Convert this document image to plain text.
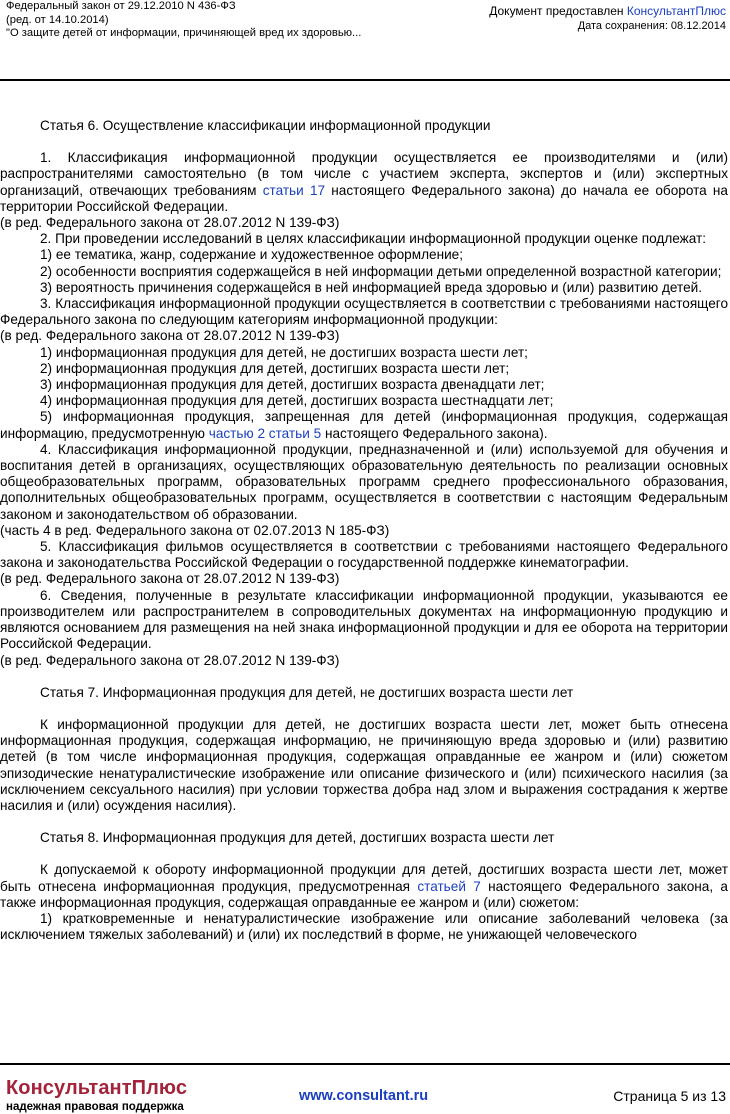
Федеральный закон от 29.12.2010 N 436-ФЗ
(ред. от 14.10.2014)
"О защите детей от информации, причиняющей вред их здоровью...
Документ предоставлен КонсультантПлюс
Дата сохранения: 08.12.2014

Статья 6. Осуществление классификации информационной продукции

1. Классификация информационной продукции осуществляется ее производителями и (или) распространителями самостоятельно (в том числе с участием эксперта, экспертов и (или) экспертных организаций, отвечающих требованиям статьи 17 настоящего Федерального закона) до начала ее оборота на территории Российской Федерации.

(в ред. Федерального закона от 28.07.2012 N 139-ФЗ)

2. При проведении исследований в целях классификации информационной продукции оценке подлежат:

1) ее тематика, жанр, содержание и художественное оформление;

2) особенности восприятия содержащейся в ней информации детьми определенной возрастной категории;

3) вероятность причинения содержащейся в ней информацией вреда здоровью и (или) развитию детей.

3. Классификация информационной продукции осуществляется в соответствии с требованиями настоящего Федерального закона по следующим категориям информационной продукции:

(в ред. Федерального закона от 28.07.2012 N 139-ФЗ)

1) информационная продукция для детей, не достигших возраста шести лет;

2) информационная продукция для детей, достигших возраста шести лет;

3) информационная продукция для детей, достигших возраста двенадцати лет;

4) информационная продукция для детей, достигших возраста шестнадцати лет;

5) информационная продукция, запрещенная для детей (информационная продукция, содержащая информацию, предусмотренную частью 2 статьи 5 настоящего Федерального закона).

4. Классификация информационной продукции, предназначенной и (или) используемой для обучения и воспитания детей в организациях, осуществляющих образовательную деятельность по реализации основных общеобразовательных программ, образовательных программ среднего профессионального образования, дополнительных общеобразовательных программ, осуществляется в соответствии с настоящим Федеральным законом и законодательством об образовании.

(часть 4 в ред. Федерального закона от 02.07.2013 N 185-ФЗ)

5. Классификация фильмов осуществляется в соответствии с требованиями настоящего Федерального закона и законодательства Российской Федерации о государственной поддержке кинематографии.

(в ред. Федерального закона от 28.07.2012 N 139-ФЗ)

6. Сведения, полученные в результате классификации информационной продукции, указываются ее производителем или распространителем в сопроводительных документах на информационную продукцию и являются основанием для размещения на ней знака информационной продукции и для ее оборота на территории Российской Федерации.

(в ред. Федерального закона от 28.07.2012 N 139-ФЗ)

Статья 7. Информационная продукция для детей, не достигших возраста шести лет

К информационной продукции для детей, не достигших возраста шести лет, может быть отнесена информационная продукция, содержащая информацию, не причиняющую вреда здоровью и (или) развитию детей (в том числе информационная продукция, содержащая оправданные ее жанром и (или) сюжетом эпизодические ненатуралистические изображение или описание физического и (или) психического насилия (за исключением сексуального насилия) при условии торжества добра над злом и выражения сострадания к жертве насилия и (или) осуждения насилия).

Статья 8. Информационная продукция для детей, достигших возраста шести лет

К допускаемой к обороту информационной продукции для детей, достигших возраста шести лет, может быть отнесена информационная продукция, предусмотренная статьей 7 настоящего Федерального закона, а также информационная продукция, содержащая оправданные ее жанром и (или) сюжетом:

1) кратковременные и ненатуралистические изображение или описание заболеваний человека (за исключением тяжелых заболеваний) и (или) их последствий в форме, не унижающей человеческого

КонсультантПлюс
надежная правовая поддержка
www.consultant.ru	Страница 5 из 13
